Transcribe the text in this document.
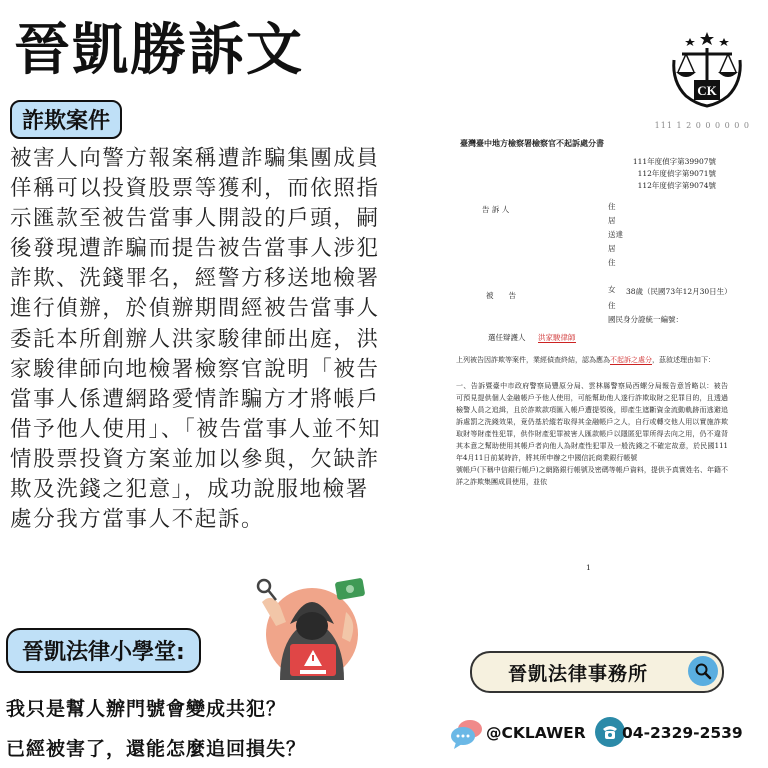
晉凱勝訴文
CK
詐欺案件
被害人向警方報案稱遭詐騙集團成員佯稱可以投資股票等獲利，而依照指示匯款至被告當事人開設的戶頭，嗣後發現遭詐騙而提告被告當事人涉犯詐欺、洗錢罪名，經警方移送地檢署進行偵辦，於偵辦期間經被告當事人委託本所創辦人洪家駿律師出庭，洪家駿律師向地檢署檢察官說明「被告當事人係遭網路愛情詐騙方才將帳戶借予他人使用」、「被告當事人並不知情股票投資方案並加以參與，欠缺詐欺及洗錢之犯意」，成功說服地檢署處分我方當事人不起訴。
111 1 2 0 0 0 0 0 0
臺灣臺中地方檢察署檢察官不起訴處分書
111年度偵字第39907號
112年度偵字第9071號
112年度偵字第9074號
告 訴 人	住
居
送達
居
住
被　　告
女 38歲（民國73年12月30日生）
住
國民身分證統一編號：
選任辯護人 洪家駿律師
上列被告因詐欺等案件，業經偵查終結，認為應為不起訴之處分，茲敘述理由如下：
一、告訴暨臺中市政府警察局豐原分局、雲林縣警察局西螺分局報告意旨略以：被告　　可預見提供個人金融帳戶予他人使用，可能幫助他人遂行詐欺取財之犯罪目的，且透過檢警人員之追緝，且於詐欺款項匯入帳戶遭提領後，即產生遮斷資金流動軌跡而逃避追訴處罰之洗錢效果，竟仍基於縱若取得其金融帳戶之人，自行或轉交他人用以實施詐欺取財等財產性犯罪，供作財產犯罪被害人匯款帳戶以隱匿犯罪所得去向之用，仍不違背其本意之幫助使用其帳戶者向他人為財產性犯罪及一般洗錢之不確定故意，於民國111年4月11日前某時許，將其所申辦之中國信託商業銀行帳號
號帳戶(下稱中信銀行帳戶)之網路銀行帳號及密碼等帳戶資料，提供予真實姓名、年籍不詳之詐欺集團成員使用，並依
1
晉凱法律小學堂:
我只是幫人辦門號會變成共犯？
已經被害了，還能怎麼追回損失？
晉凱法律事務所
@CKLAWER 04-2329-2539
